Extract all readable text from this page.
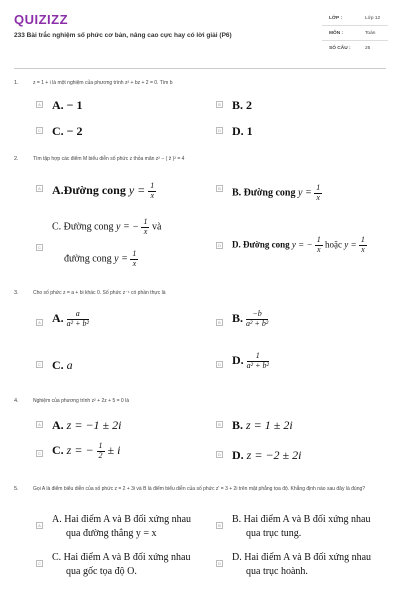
QUIZIZZ
233 Bài trắc nghiệm số phức cơ bản, nâng cao cực hay có lời giải (P6)
LỚP :	Lớp 12
MÔN :	Toán
SỐ CÂU :	25
1.	z = 1 + i là một nghiệm của phương trình z² + bz + 2 = 0. Tìm b
A A. − 1	B B. 2
C C. − 2	D D. 1
2.	Tìm tập hợp các điểm M biểu diễn số phức z thỏa mãn z² − ( z̄ )² = 4
A A.Đường cong $y = \frac{1}{x}$	B B. Đường cong $y = \frac{1}{x}$
C
C. Đường cong y = − $\frac{1}{x}$ và
đường cong $y = \frac{1}{x}$
D D. Đường cong y = − $\frac{1}{x}$ hoặc $y = \frac{1}{x}$
3.	Cho số phức z = a + bi khác 0. Số phức z⁻¹ có phần thực là
A A. $\frac{a}{\text{a² + b²}}$	B B. $\frac{-b}{\text{a² + b²}}$
C C. a	D D. $\frac{1}{\text{a² + b²}}$
4.	Nghiệm của phương trình z² + 2z + 5 = 0 là
A A. z = −1 ± 2i	B B. z = 1 ± 2i
C C. z = − $\frac{1}{2} \pm i$	D D. z = −2 ± 2i
5.	Gọi A là điểm biểu diễn của số phức z = 2 + 3i và B là điểm biểu diễn của số phức z' = 3 + 2i trên mặt phẳng tọa độ. Khẳng định nào sau đây là đúng?
A
A. Hai điểm A và B đối xứng nhau
qua đường thẳng y = x
B
B. Hai điểm A và B đối xứng nhau
qua trục tung.
C
C. Hai điểm A và B đối xứng nhau
qua gốc tọa độ O.
D
D. Hai điểm A và B đối xứng nhau
qua trục hoành.
